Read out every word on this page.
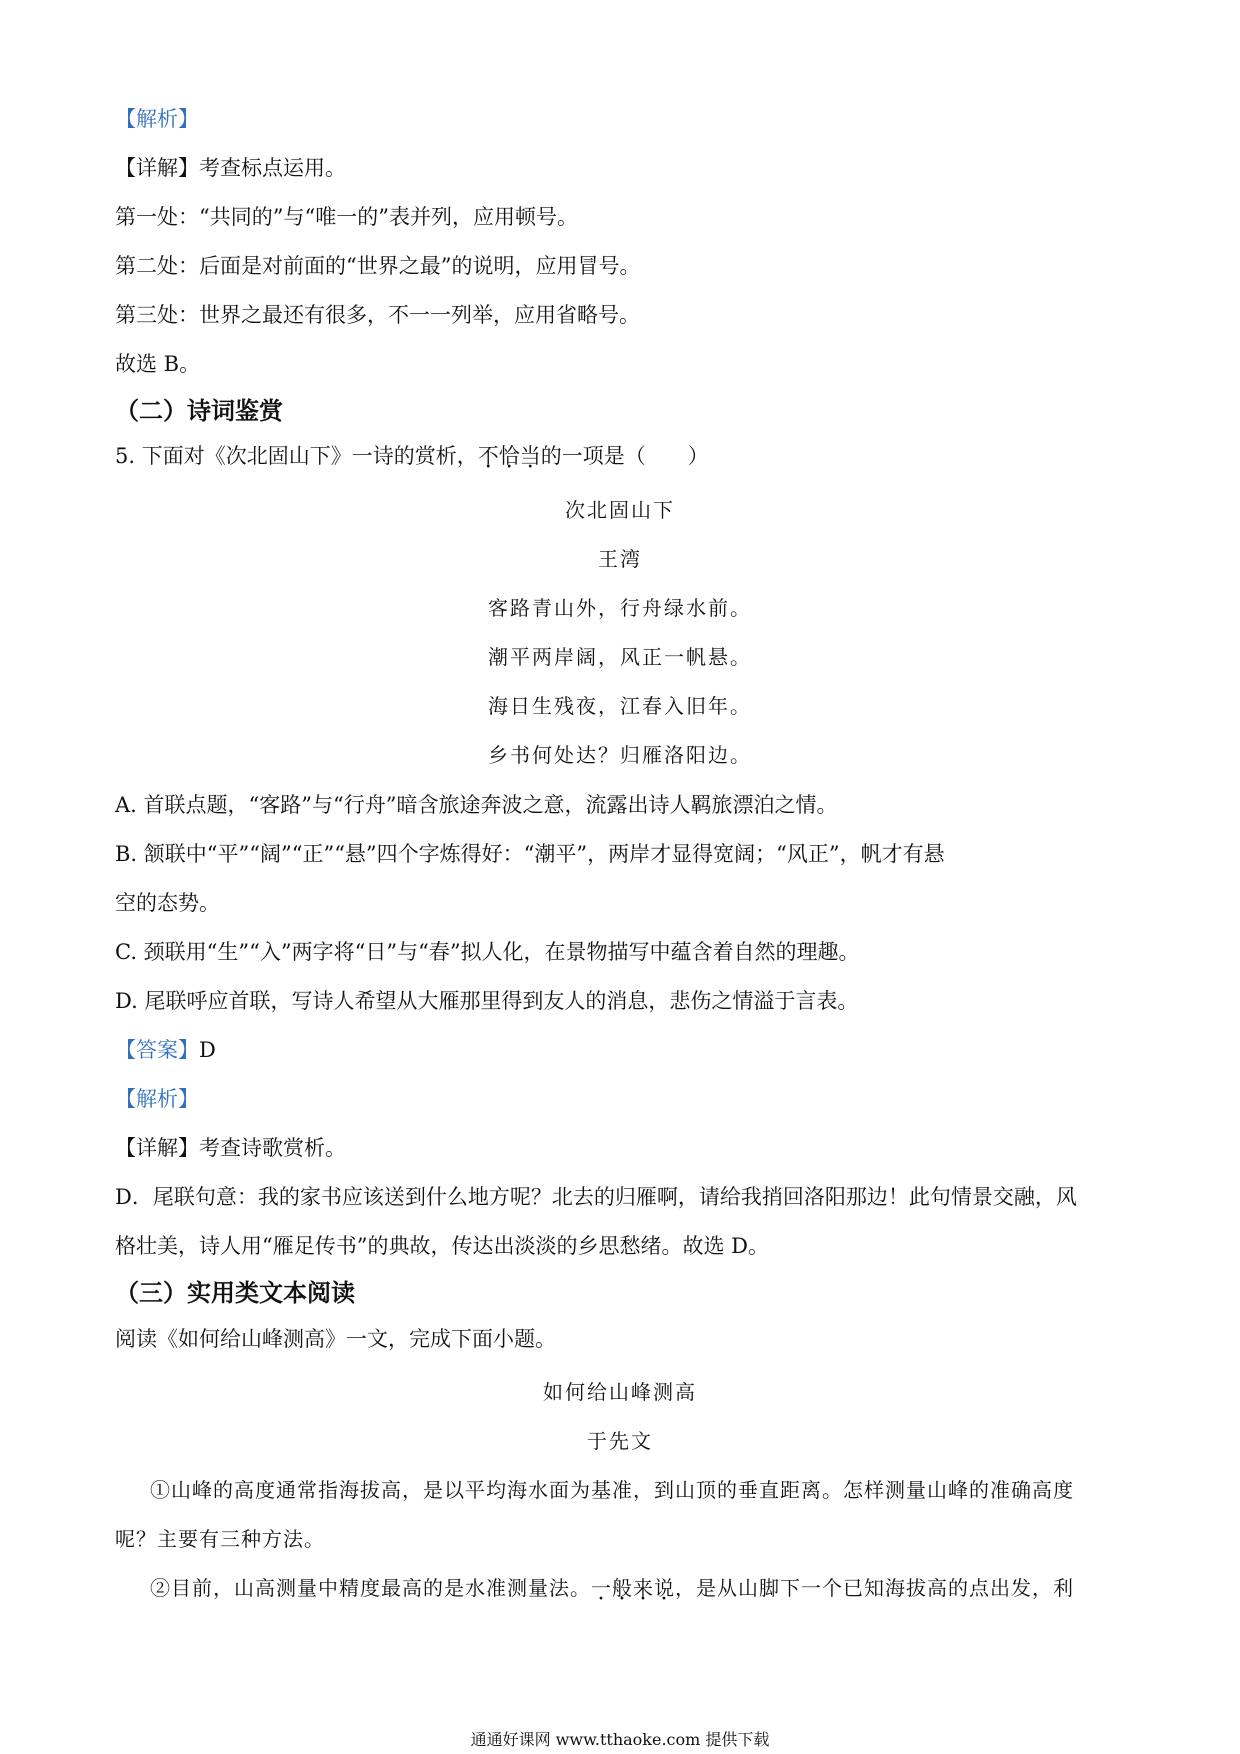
【解析】
【详解】考查标点运用。
第一处：“共同的”与“唯一的”表并列，应用顿号。
第二处：后面是对前面的“世界之最”的说明，应用冒号。
第三处：世界之最还有很多，不一一列举，应用省略号。
故选 B。
（二）诗词鉴赏
5. 下面对《次北固山下》一诗的赏析，不恰当的一项是（　　）
次北固山下
王湾
客路青山外，行舟绿水前。
潮平两岸阔，风正一帆悬。
海日生残夜，江春入旧年。
乡书何处达？归雁洛阳边。
A. 首联点题，“客路”与“行舟”暗含旅途奔波之意，流露出诗人羁旅漂泊之情。
B. 颔联中“平”“阔”“正”“悬”四个字炼得好：“潮平”，两岸才显得宽阔；“风正”，帆才有悬
空的态势。
C. 颈联用“生”“入”两字将“日”与“春”拟人化，在景物描写中蕴含着自然的理趣。
D. 尾联呼应首联，写诗人希望从大雁那里得到友人的消息，悲伤之情溢于言表。
【答案】D
【解析】
【详解】考查诗歌赏析。
D．尾联句意：我的家书应该送到什么地方呢？北去的归雁啊，请给我捎回洛阳那边！此句情景交融，风
格壮美，诗人用“雁足传书”的典故，传达出淡淡的乡思愁绪。故选 D。
（三）实用类文本阅读
阅读《如何给山峰测高》一文，完成下面小题。
如何给山峰测高
于先文
①山峰的高度通常指海拔高，是以平均海水面为基准，到山顶的垂直距离。怎样测量山峰的准确高度
呢？主要有三种方法。
②目前，山高测量中精度最高的是水准测量法。一般来说，是从山脚下一个已知海拔高的点出发，利
通通好课网 www.tthaoke.com 提供下载
